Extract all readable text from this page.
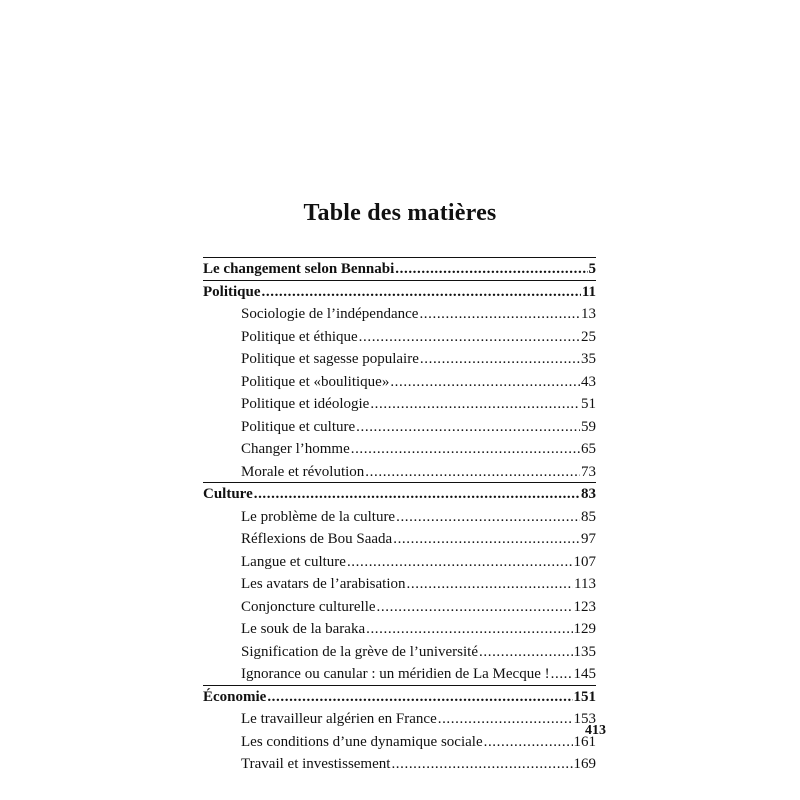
Table des matières
Le changement selon Bennabi .....	5
Politique .....	11
Sociologie de l’indépendance .....	13
Politique et éthique .....	25
Politique et sagesse populaire .....	35
Politique et «boulitique» .....	43
Politique et idéologie .....	51
Politique et culture .....	59
Changer l’homme .....	65
Morale et révolution .....	73
Culture .....	83
Le problème de la culture .....	85
Réflexions de Bou Saada .....	97
Langue et culture .....	107
Les avatars de l’arabisation .....	113
Conjoncture culturelle .....	123
Le souk de la baraka .....	129
Signification de la grève de l’université .....	135
Ignorance ou canular : un méridien de La Mecque ! ..... 145
Économie .....	151
Le travailleur algérien en France .....	153
Les conditions d’une dynamique sociale .....	161
Travail et investissement .....	169
413
